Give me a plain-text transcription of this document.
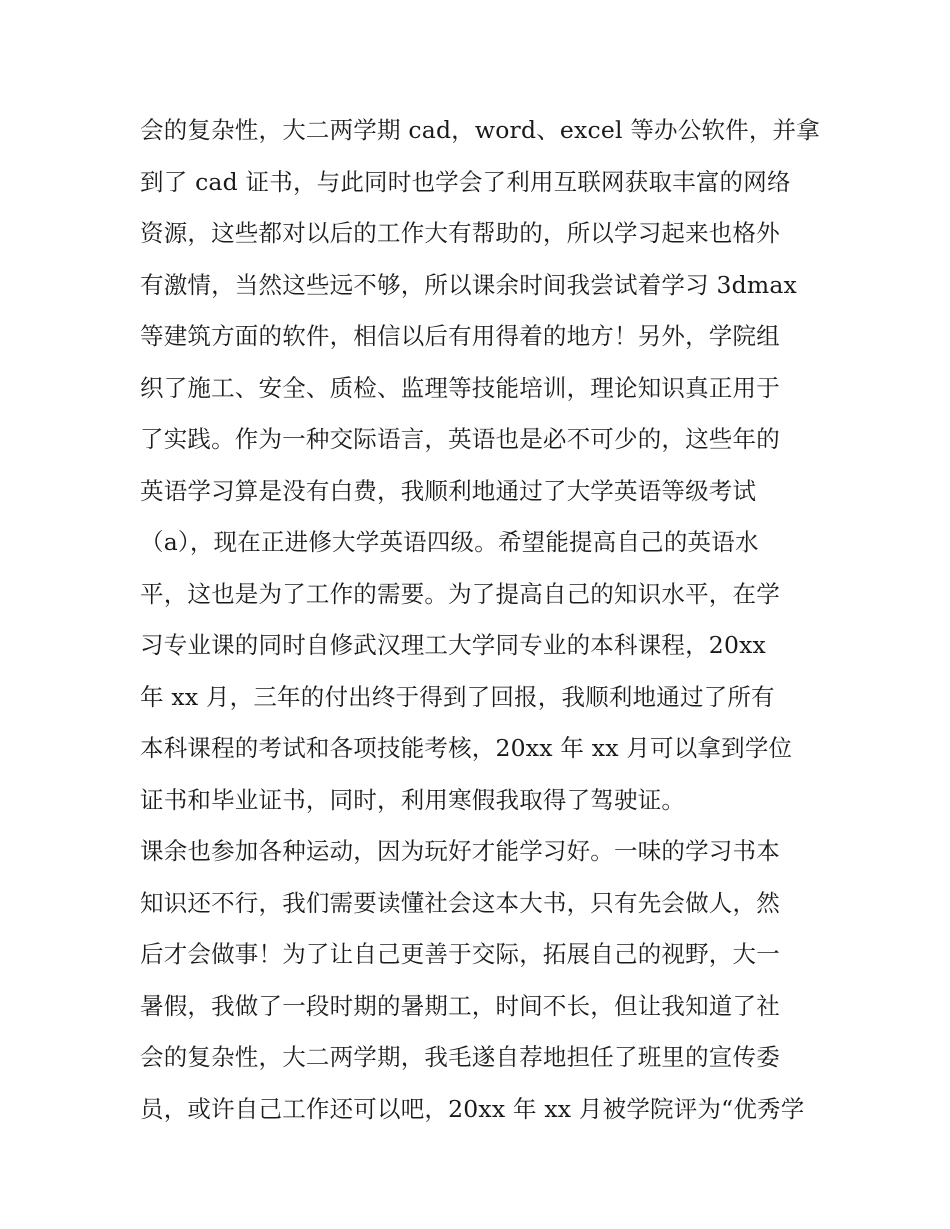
会的复杂性，大二两学期 cad，word、excel 等办公软件，并拿
到了 cad 证书，与此同时也学会了利用互联网获取丰富的网络
资源，这些都对以后的工作大有帮助的，所以学习起来也格外
有激情，当然这些远不够，所以课余时间我尝试着学习 3dmax
等建筑方面的软件，相信以后有用得着的地方！另外，学院组
织了施工、安全、质检、监理等技能培训，理论知识真正用于
了实践。作为一种交际语言，英语也是必不可少的，这些年的
英语学习算是没有白费，我顺利地通过了大学英语等级考试
（a），现在正进修大学英语四级。希望能提高自己的英语水
平，这也是为了工作的需要。为了提高自己的知识水平，在学
习专业课的同时自修武汉理工大学同专业的本科课程，20xx
年 xx 月，三年的付出终于得到了回报，我顺利地通过了所有
本科课程的考试和各项技能考核，20xx 年 xx 月可以拿到学位
证书和毕业证书，同时，利用寒假我取得了驾驶证。
课余也参加各种运动，因为玩好才能学习好。一味的学习书本
知识还不行，我们需要读懂社会这本大书，只有先会做人，然
后才会做事！为了让自己更善于交际，拓展自己的视野，大一
暑假，我做了一段时期的暑期工，时间不长，但让我知道了社
会的复杂性，大二两学期，我毛遂自荐地担任了班里的宣传委
员，或许自己工作还可以吧，20xx 年 xx 月被学院评为“优秀学
